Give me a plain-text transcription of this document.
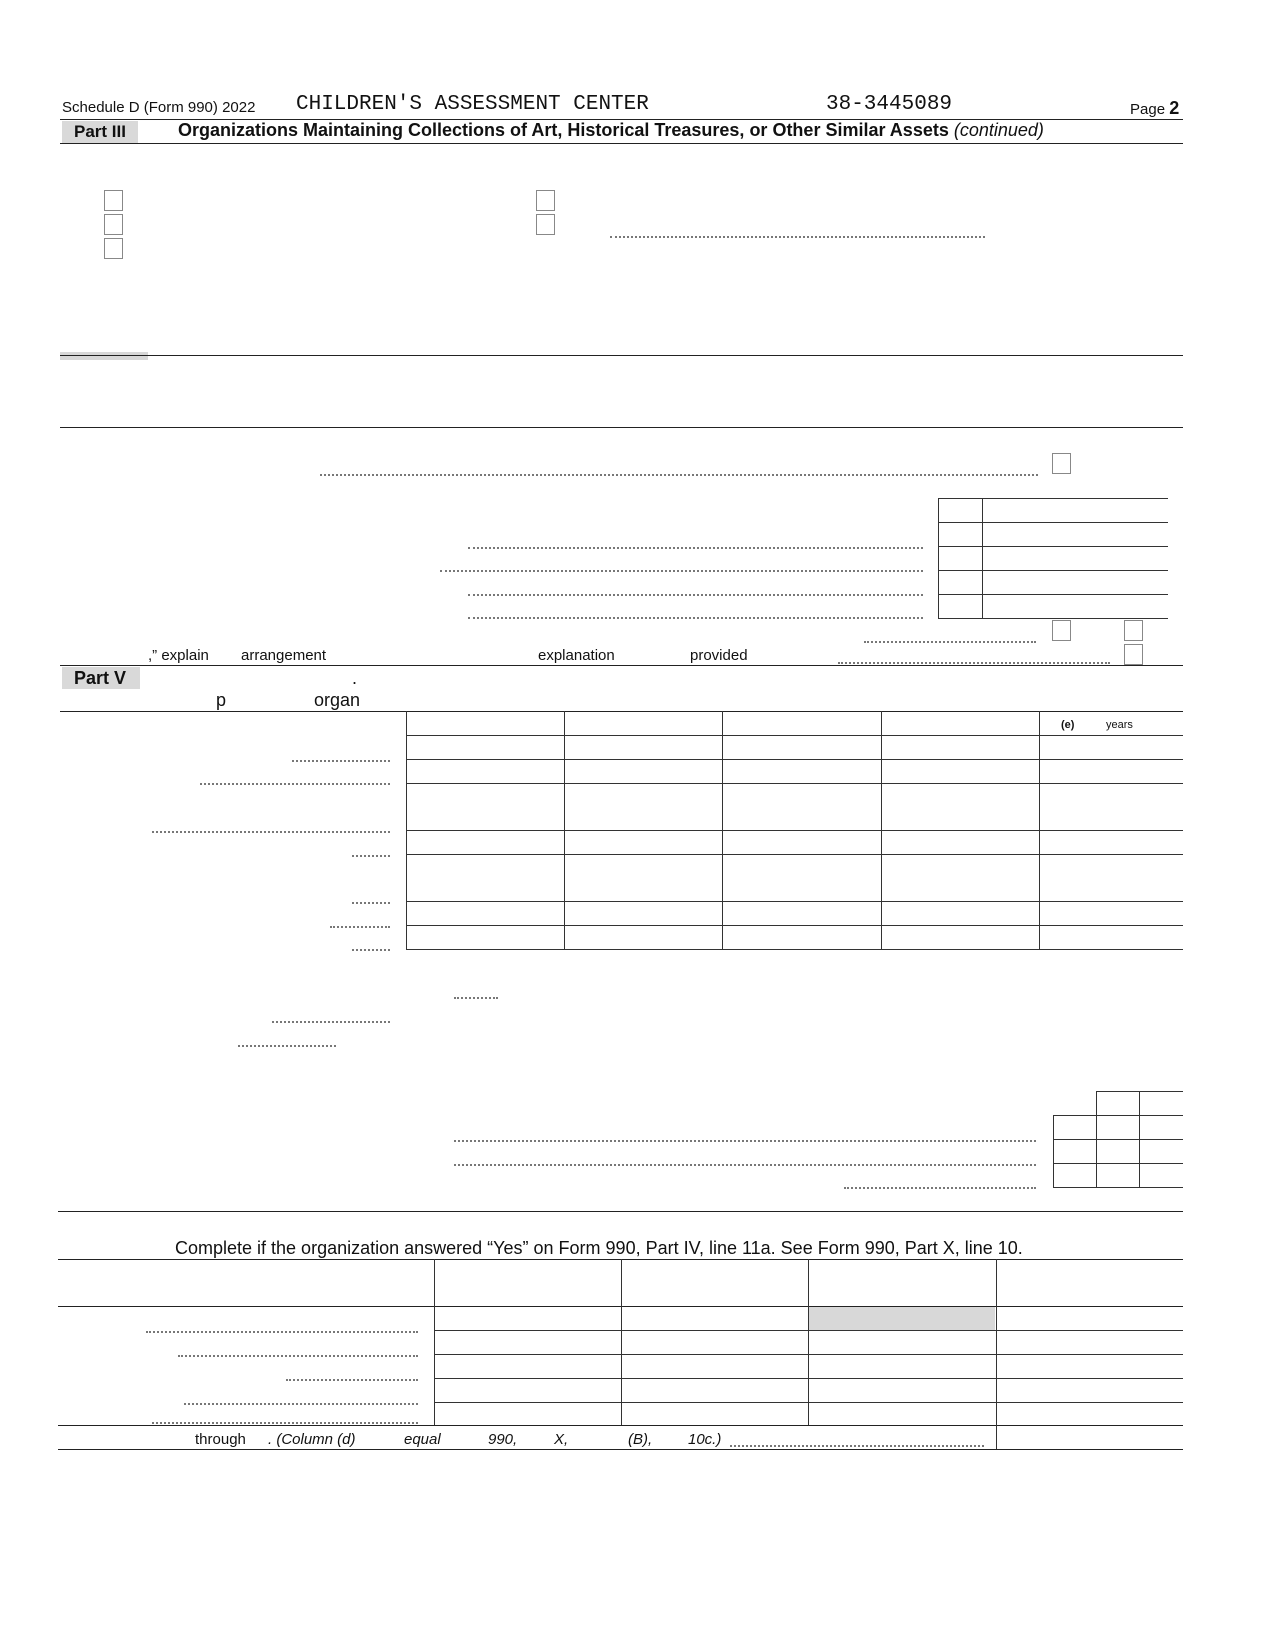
Schedule D (Form 990) 2022 CHILDREN'S ASSESSMENT CENTER	38-3445089	Page 2
Part III	Organizations Maintaining Collections of Art, Historical Treasures, or Other Similar Assets (continued)
,” explain arrangement	explanation	provided
Part V	.
p	organ
(e)	years
Complete if the organization answered “Yes” on Form 990, Part IV, line 11a. See Form 990, Part X, line 10.
through . (Column (d)	equal	990, X,	(B), 10c.)
